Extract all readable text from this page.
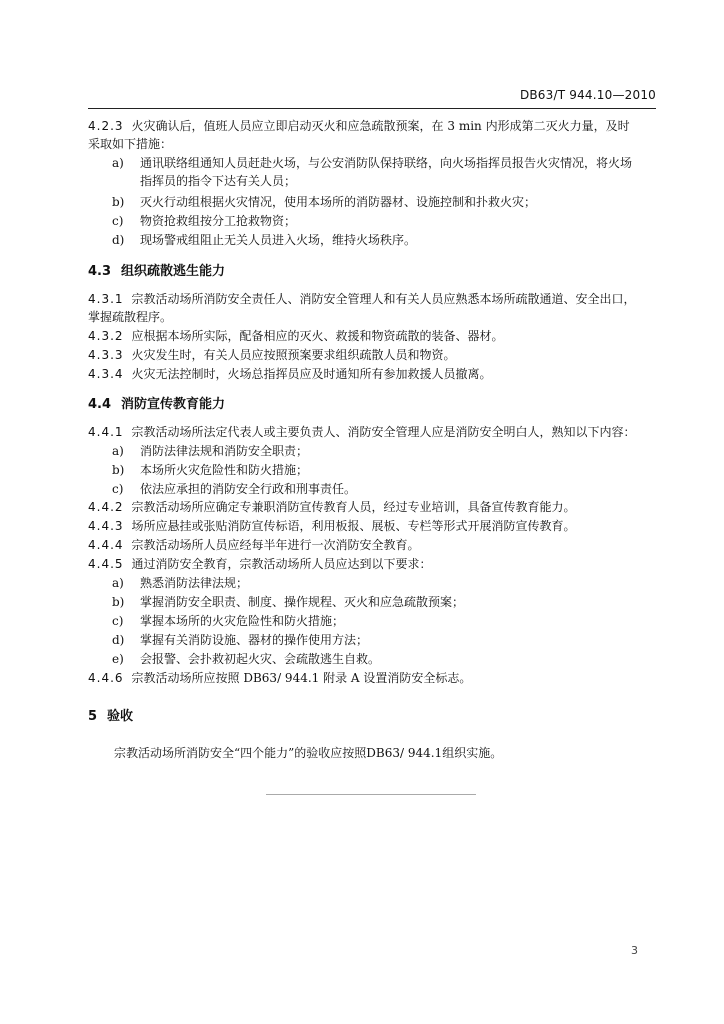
DB63/T 944.10—2010
4.2.3 火灾确认后，值班人员应立即启动灭火和应急疏散预案，在 3 min 内形成第二灭火力量，及时
采取如下措施：
a) 通讯联络组通知人员赶赴火场，与公安消防队保持联络，向火场指挥员报告火灾情况，将火场
指挥员的指令下达有关人员；
b) 灭火行动组根据火灾情况，使用本场所的消防器材、设施控制和扑救火灾；
c) 物资抢救组按分工抢救物资；
d) 现场警戒组阻止无关人员进入火场，维持火场秩序。
4.3 组织疏散逃生能力
4.3.1 宗教活动场所消防安全责任人、消防安全管理人和有关人员应熟悉本场所疏散通道、安全出口，
掌握疏散程序。
4.3.2 应根据本场所实际，配备相应的灭火、救援和物资疏散的装备、器材。
4.3.3 火灾发生时，有关人员应按照预案要求组织疏散人员和物资。
4.3.4 火灾无法控制时，火场总指挥员应及时通知所有参加救援人员撤离。
4.4 消防宣传教育能力
4.4.1 宗教活动场所法定代表人或主要负责人、消防安全管理人应是消防安全明白人，熟知以下内容：
a) 消防法律法规和消防安全职责；
b) 本场所火灾危险性和防火措施；
c) 依法应承担的消防安全行政和刑事责任。
4.4.2 宗教活动场所应确定专兼职消防宣传教育人员，经过专业培训，具备宣传教育能力。
4.4.3 场所应悬挂或张贴消防宣传标语，利用板报、展板、专栏等形式开展消防宣传教育。
4.4.4 宗教活动场所人员应经每半年进行一次消防安全教育。
4.4.5 通过消防安全教育，宗教活动场所人员应达到以下要求：
a) 熟悉消防法律法规；
b) 掌握消防安全职责、制度、操作规程、灭火和应急疏散预案；
c) 掌握本场所的火灾危险性和防火措施；
d) 掌握有关消防设施、器材的操作使用方法；
e) 会报警、会扑救初起火灾、会疏散逃生自救。
4.4.6 宗教活动场所应按照 DB63/ 944.1 附录 A 设置消防安全标志。
5 验收
宗教活动场所消防安全“四个能力”的验收应按照DB63/ 944.1组织实施。
3
